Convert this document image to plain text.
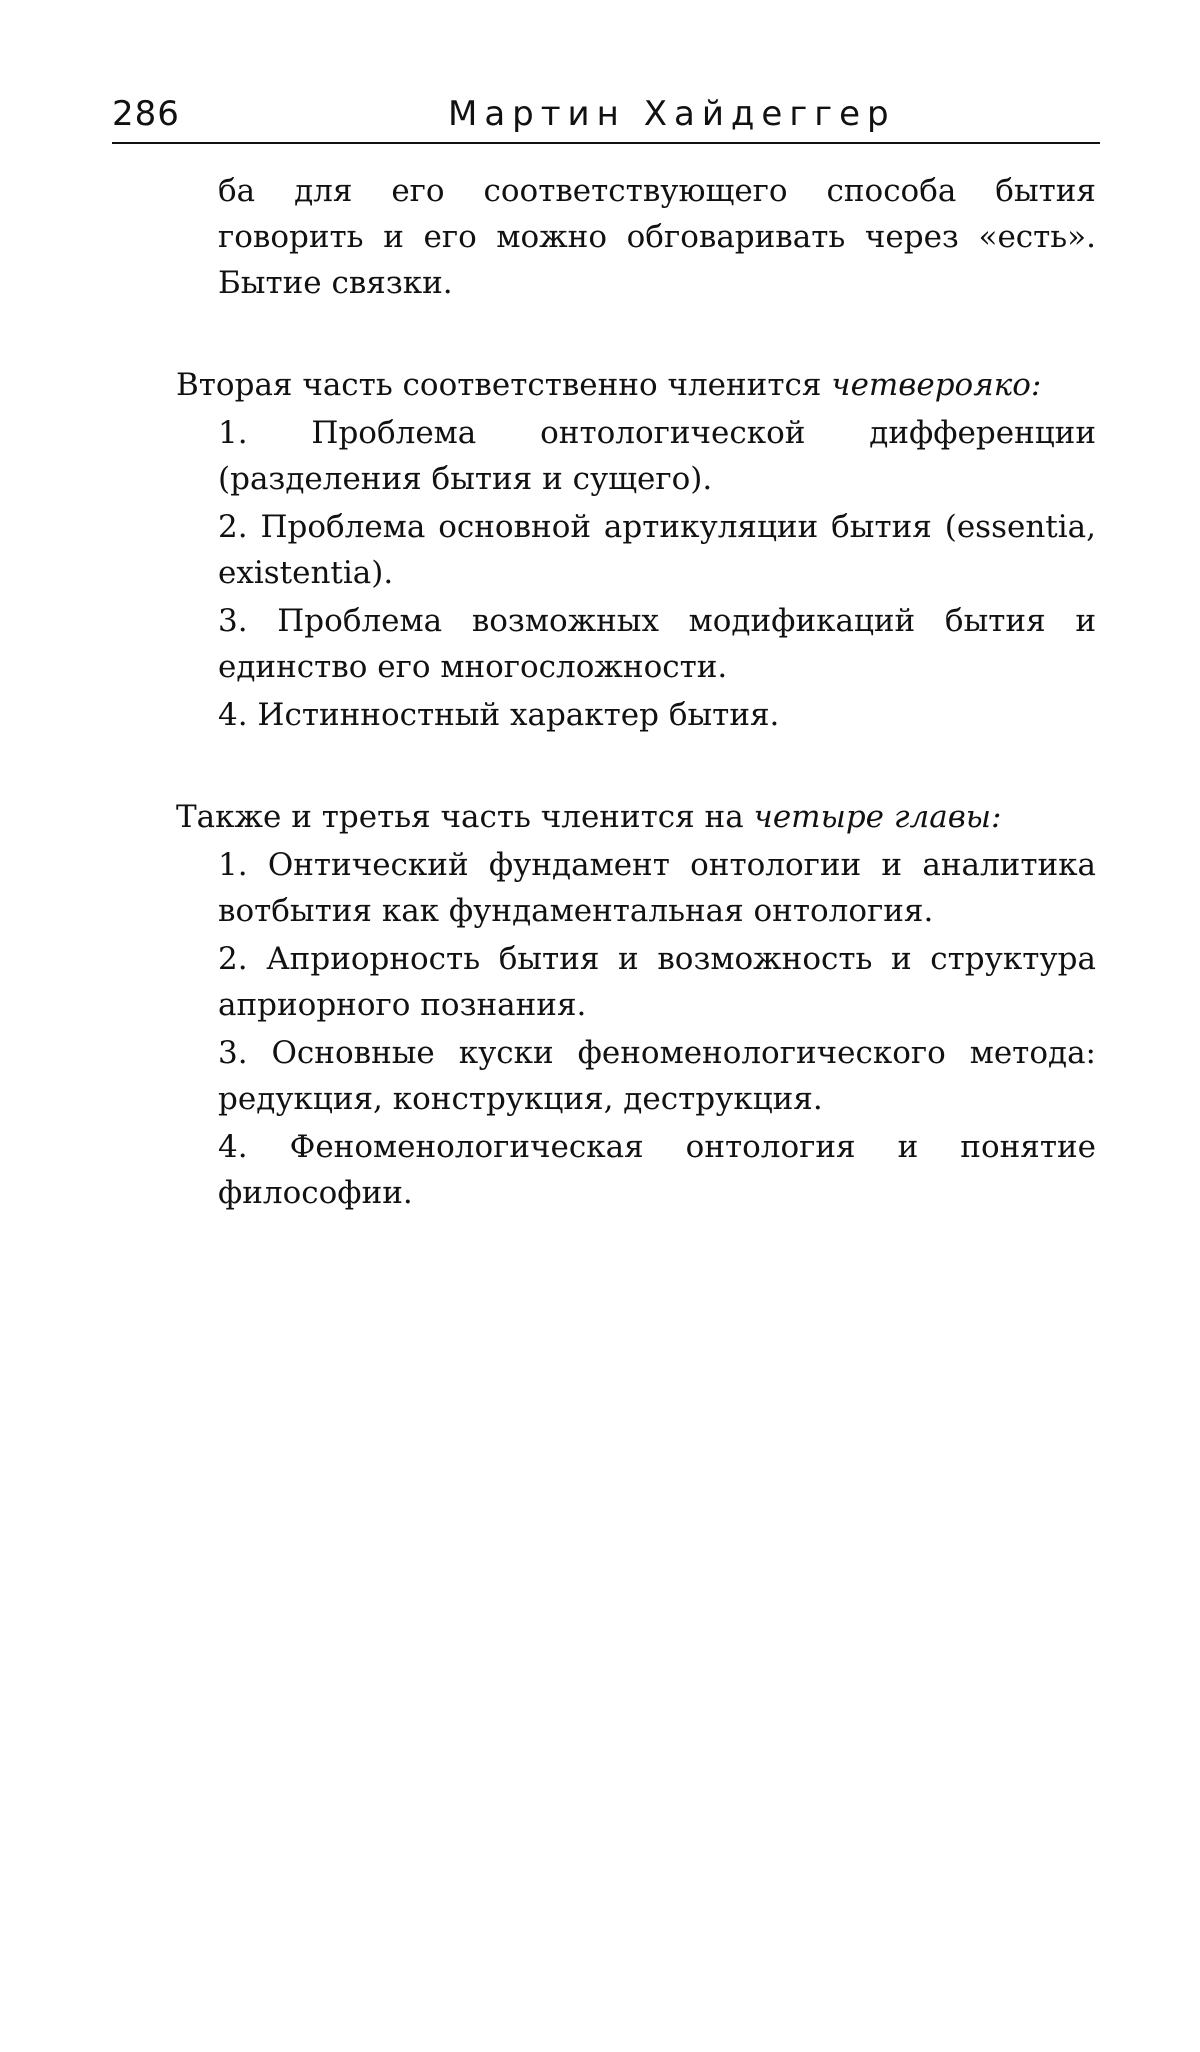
286	Мартин Хайдеггер

ба для его соответствующего способа бытия говорить и его можно обговаривать через «есть». Бытие связки.

Вторая часть соответственно членится четвероякo:

1. Проблема онтологической дифференции (разделения бытия и сущего).

2. Проблема основной артикуляции бытия (essentia, existentia).

3. Проблема возможных модификаций бытия и единство его многосложности.

4. Истинностный характер бытия.

Также и третья часть членится на четыре главы:

1. Онтический фундамент онтологии и аналитика вотбытия как фундаментальная онтология.

2. Априорность бытия и возможность и структура априорного познания.

3. Основные куски феноменологического метода: редукция, конструкция, деструкция.

4. Феноменологическая онтология и понятие философии.
